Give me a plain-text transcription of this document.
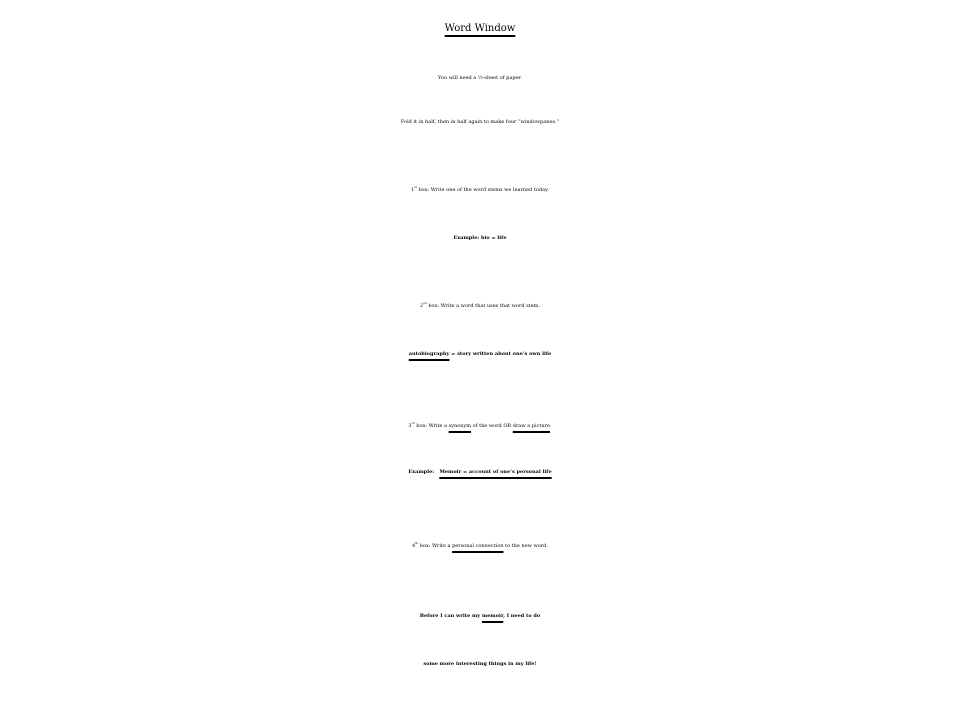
Word Window
You will need a ½-sheet of paper.
Fold it in half, then in half again to make four “windowpanes.”
1st box: Write one of the word stems we learned today.
Example: bio = life
2nd box: Write a word that uses that word stem.
autobiography = story written about one’s own life
3rd box: Write a synonym of the word OR draw a picture.
Example:   Memoir = account of one’s personal life
4th box: Write a personal connection to the new word.
Before I can write my memoir, I need to do
some more interesting things in my life!
